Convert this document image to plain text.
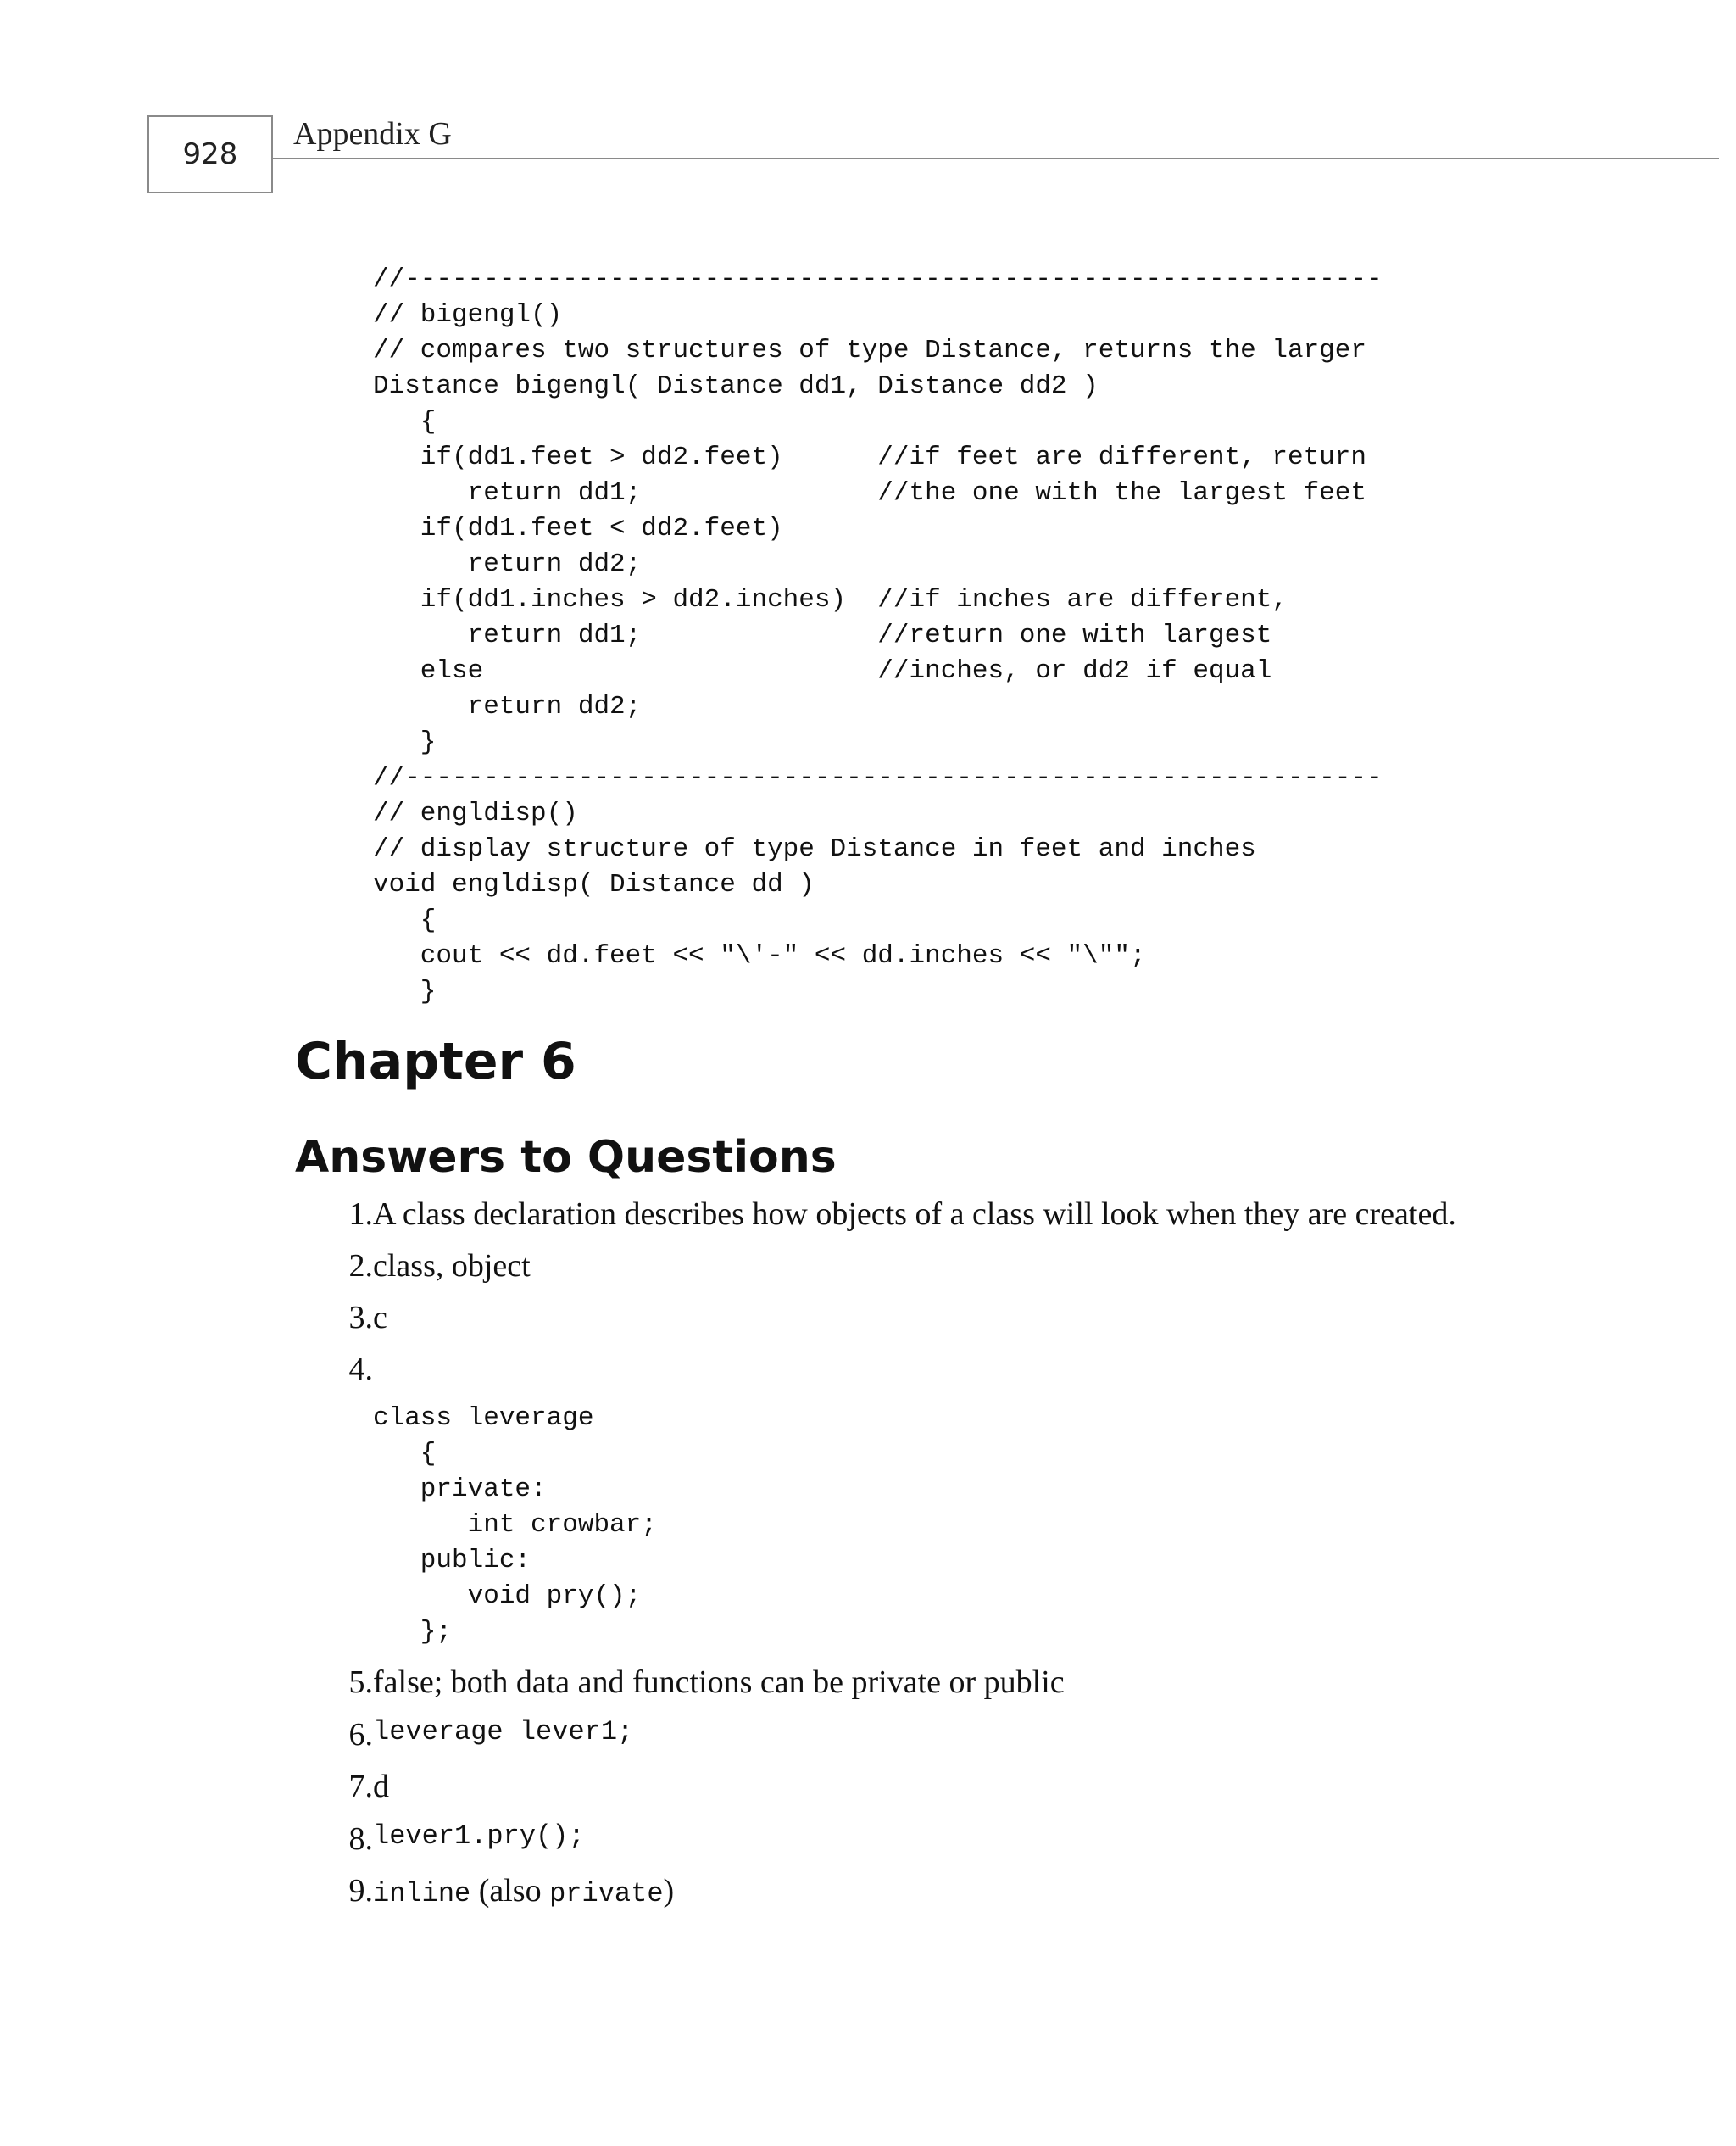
928
Appendix G
//--------------------------------------------------------------
// bigengl()
// compares two structures of type Distance, returns the larger
Distance bigengl( Distance dd1, Distance dd2 )
{
if(dd1.feet > dd2.feet)      //if feet are different, return
return dd1;               //the one with the largest feet
if(dd1.feet < dd2.feet)
return dd2;
if(dd1.inches > dd2.inches)  //if inches are different,
return dd1;               //return one with largest
else                         //inches, or dd2 if equal
return dd2;
}
//--------------------------------------------------------------
// engldisp()
// display structure of type Distance in feet and inches
void engldisp( Distance dd )
{
cout << dd.feet << "\'-" << dd.inches << "\"";
}
Chapter 6
Answers to Questions
1. A class declaration describes how objects of a class will look when they are created.
2. class, object
3. c
4.
class leverage
{
private:
int crowbar;
public:
void pry();
};
5. false; both data and functions can be private or public
6. leverage lever1;
7. d
8. lever1.pry();
9. inline (also private)
